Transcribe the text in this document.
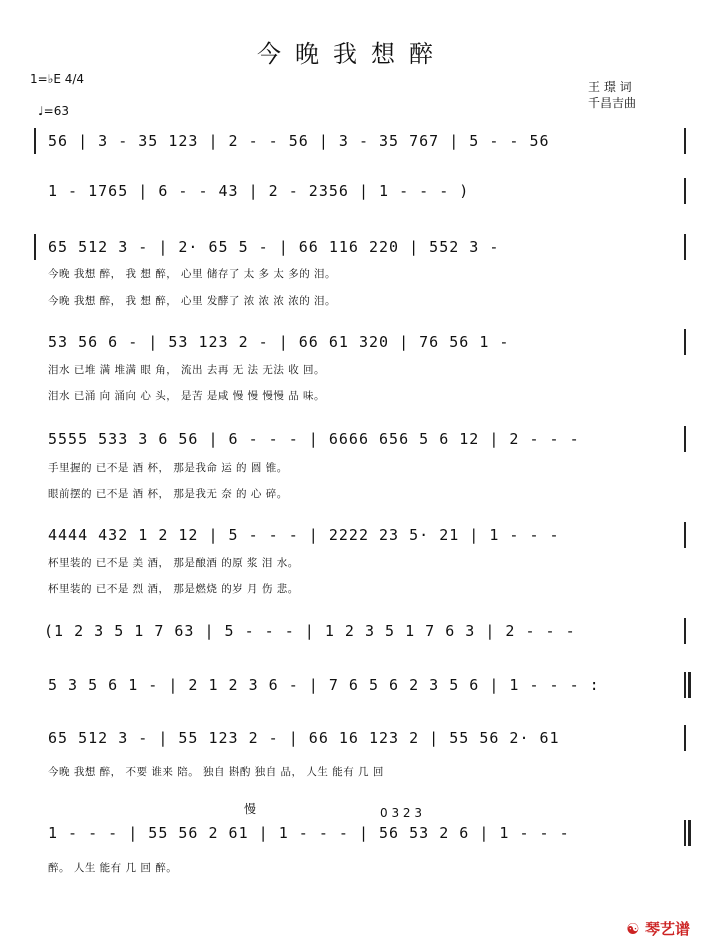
今晚我想醉
1=♭E 4/4
♩=63
王 璟 词
千昌吉曲
56 | 3 - 35 123 | 2 - - 56 | 3 - 35 767 | 5 - - 56
1 - 1765 | 6 - - 43 | 2 - 2356 | 1 - - - )
65 512 3 - | 2· 65 5 - | 66 116 220 | 552 3 -
今晚 我想 醉， 我 想 醉， 心里 储存了 太 多 太 多的 泪。
今晚 我想 醉， 我 想 醉， 心里 发酵了 浓 浓 浓 浓的 泪。
53 56 6 - | 53 123 2 - | 66 61 320 | 76 56 1 -
泪水 已堆 满 堆满 眼 角， 流出 去再 无 法 无法 收 回。
泪水 已涌 向 涌向 心 头， 是苦 是咸 慢 慢 慢慢 品 味。
5555 533 3 6 56 | 6 - - - | 6666 656 5 6 12 | 2 - - -
手里握的 已不是 酒 杯， 那是我命 运 的 圆 锥。
眼前摆的 已不是 酒 杯， 那是我无 奈 的 心 碎。
4444 432 1 2 12 | 5 - - - | 2222 23 5· 21 | 1 - - -
杯里装的 已不是 美 酒， 那是酿酒 的原 浆 泪 水。
杯里装的 已不是 烈 酒， 那是燃烧 的岁 月 伤 悲。
(1 2 3 5 1 7 63 | 5 - - - | 1 2 3 5 1 7 6 3 | 2 - - -
5 3 5 6 1 - | 2 1 2 3 6 - | 7 6 5 6 2 3 5 6 | 1 - - - :
65 512 3 - | 55 123 2 - | 66 16 123 2 | 55 56 2· 61
今晚 我想 醉， 不要 谁来 陪。 独自 斟酌 独自 品， 人生 能有 几 回
慢	0 3 2 3
1 - - - | 55 56 2 61 | 1 - - - | 56 53 2 6 | 1 - - -
醉。 人生 能有 几 回 醉。
☯ 琴艺谱
